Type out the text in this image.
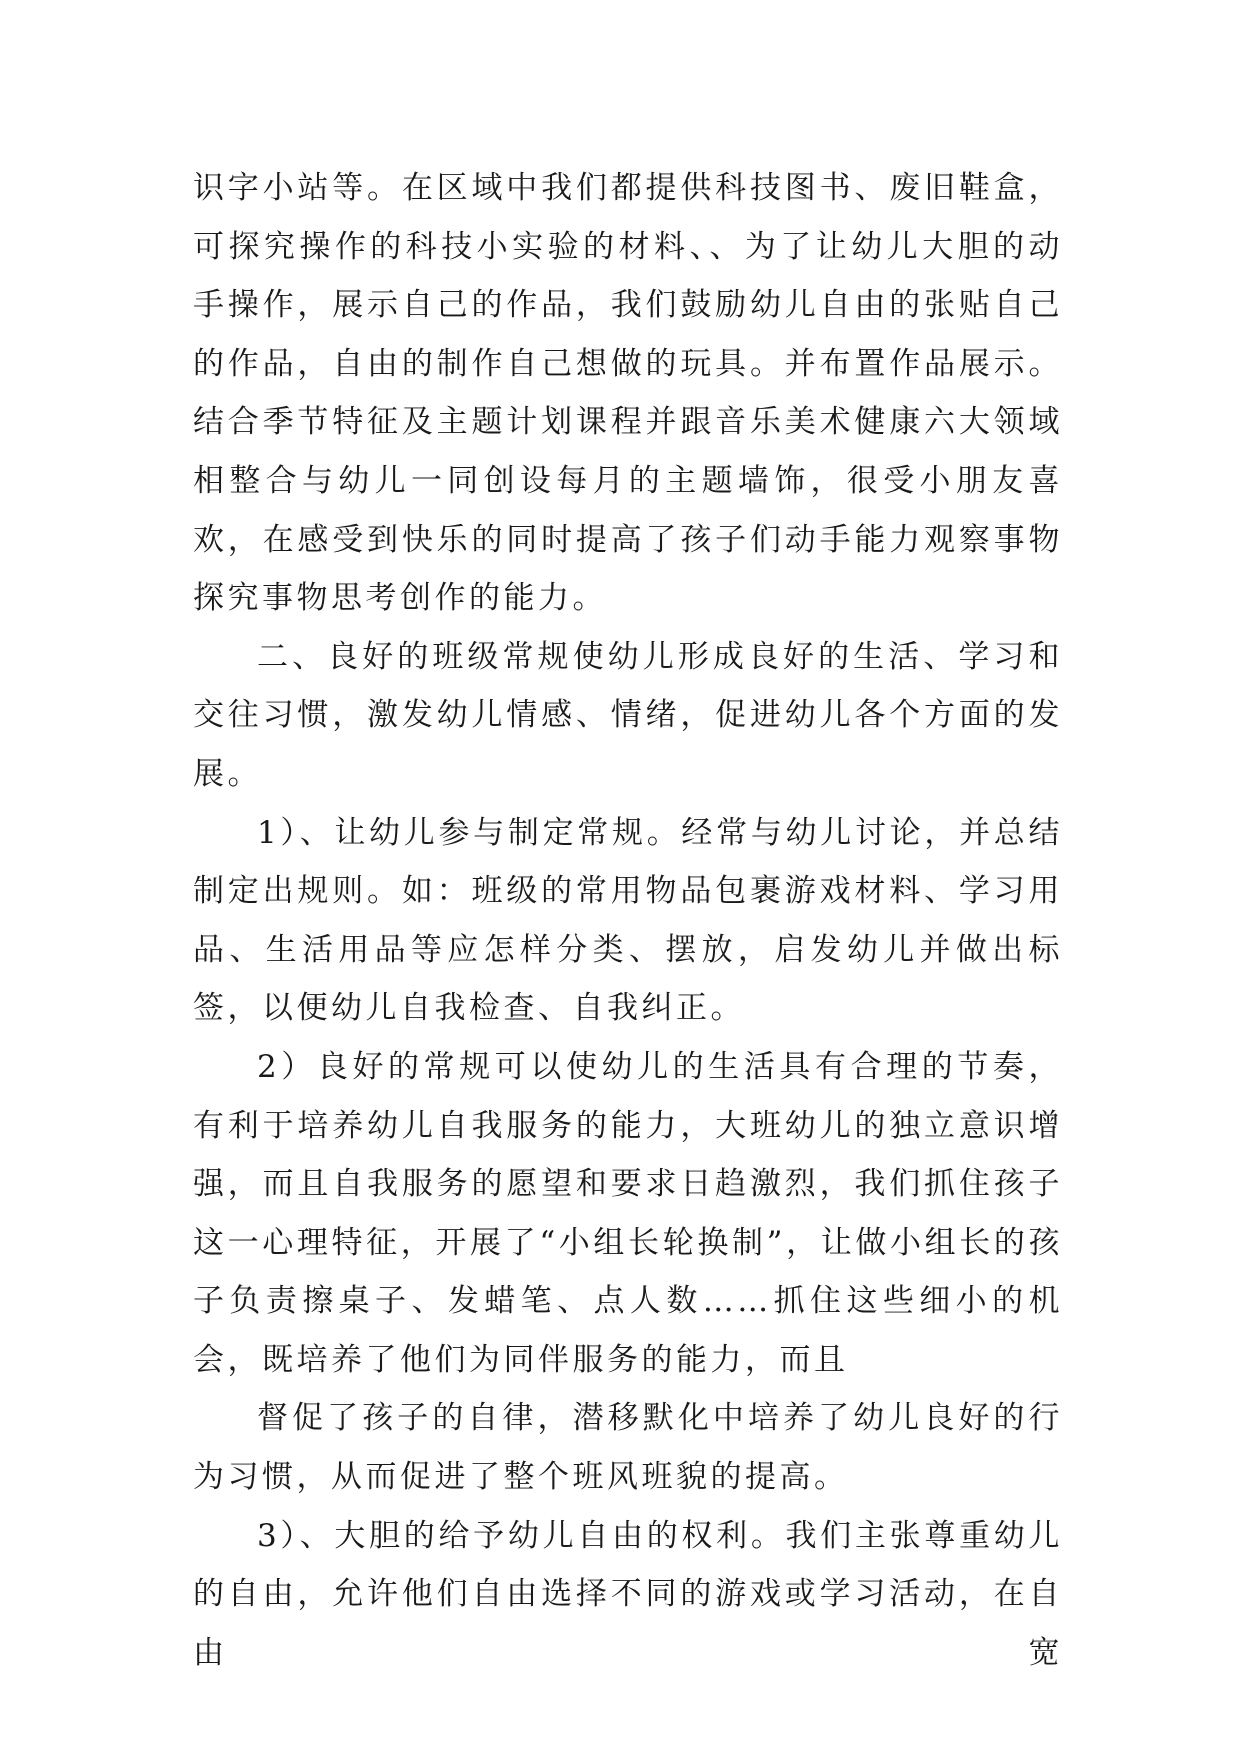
识字小站等。在区域中我们都提供科技图书、废旧鞋盒，可探究操作的科技小实验的材料、、为了让幼儿大胆的动手操作，展示自己的作品，我们鼓励幼儿自由的张贴自己的作品，自由的制作自己想做的玩具。并布置作品展示。结合季节特征及主题计划课程并跟音乐美术健康六大领域相整合与幼儿一同创设每月的主题墙饰，很受小朋友喜欢，在感受到快乐的同时提高了孩子们动手能力观察事物探究事物思考创作的能力。

二、良好的班级常规使幼儿形成良好的生活、学习和交往习惯，激发幼儿情感、情绪，促进幼儿各个方面的发展。

1）、让幼儿参与制定常规。经常与幼儿讨论，并总结制定出规则。如：班级的常用物品包裹游戏材料、学习用品、生活用品等应怎样分类、摆放，启发幼儿并做出标签，以便幼儿自我检查、自我纠正。

2）良好的常规可以使幼儿的生活具有合理的节奏，有利于培养幼儿自我服务的能力，大班幼儿的独立意识增强，而且自我服务的愿望和要求日趋激烈，我们抓住孩子这一心理特征，开展了“小组长轮换制”，让做小组长的孩子负责擦桌子、发蜡笔、点人数……抓住这些细小的机会，既培养了他们为同伴服务的能力，而且

督促了孩子的自律，潜移默化中培养了幼儿良好的行为习惯，从而促进了整个班风班貌的提高。

3）、大胆的给予幼儿自由的权利。我们主张尊重幼儿的自由，允许他们自由选择不同的游戏或学习活动，在自由宽
